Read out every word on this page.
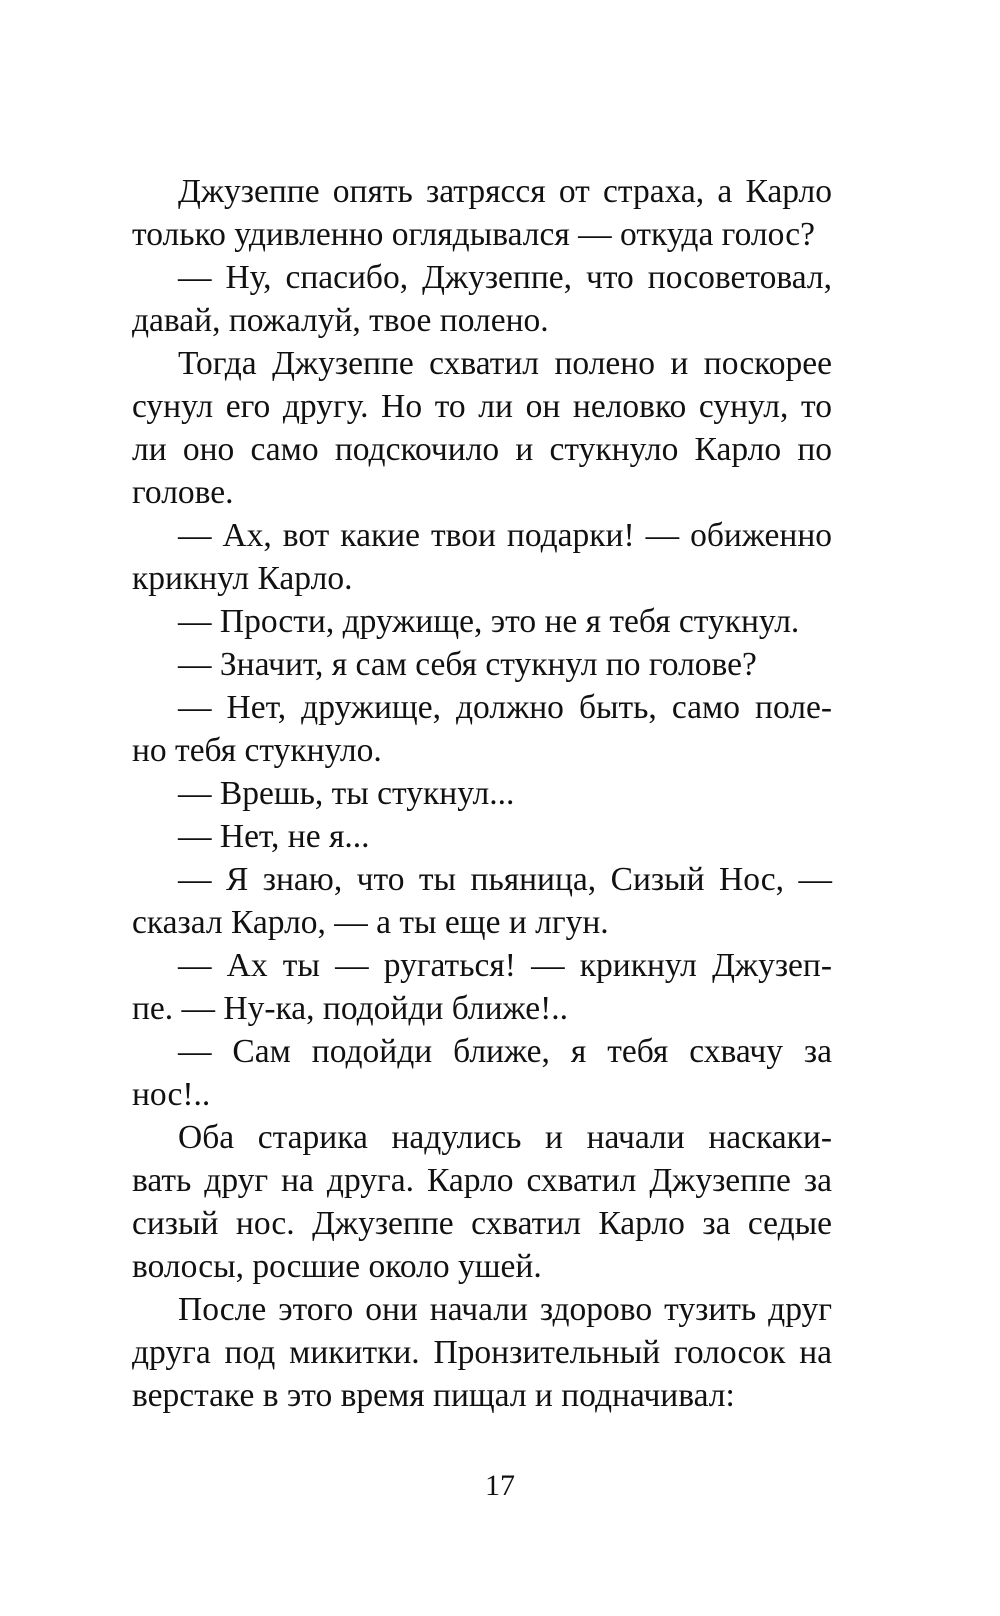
Джузеппе опять затрясся от страха, а Карло
только удивленно оглядывался — откуда голос?
— Ну, спасибо, Джузеппе, что посоветовал,
давай, пожалуй, твое полено.
Тогда Джузеппе схватил полено и поскорее
сунул его другу. Но то ли он неловко сунул, то
ли оно само подскочило и стукнуло Карло по
голове.
— Ах, вот какие твои подарки! — обиженно
крикнул Карло.
— Прости, дружище, это не я тебя стукнул.
— Значит, я сам себя стукнул по голове?
— Нет, дружище, должно быть, само поле-
но тебя стукнуло.
— Врешь, ты стукнул...
— Нет, не я...
— Я знаю, что ты пьяница, Сизый Нос, —
сказал Карло, — а ты еще и лгун.
— Ах ты — ругаться! — крикнул Джузеп-
пе. — Ну-ка, подойди ближе!..
— Сам подойди ближе, я тебя схвачу за
нос!..
Оба старика надулись и начали наскаки-
вать друг на друга. Карло схватил Джузеппе за
сизый нос. Джузеппе схватил Карло за седые
волосы, росшие около ушей.
После этого они начали здорово тузить друг
друга под микитки. Пронзительный голосок на
верстаке в это время пищал и подначивал:
17
